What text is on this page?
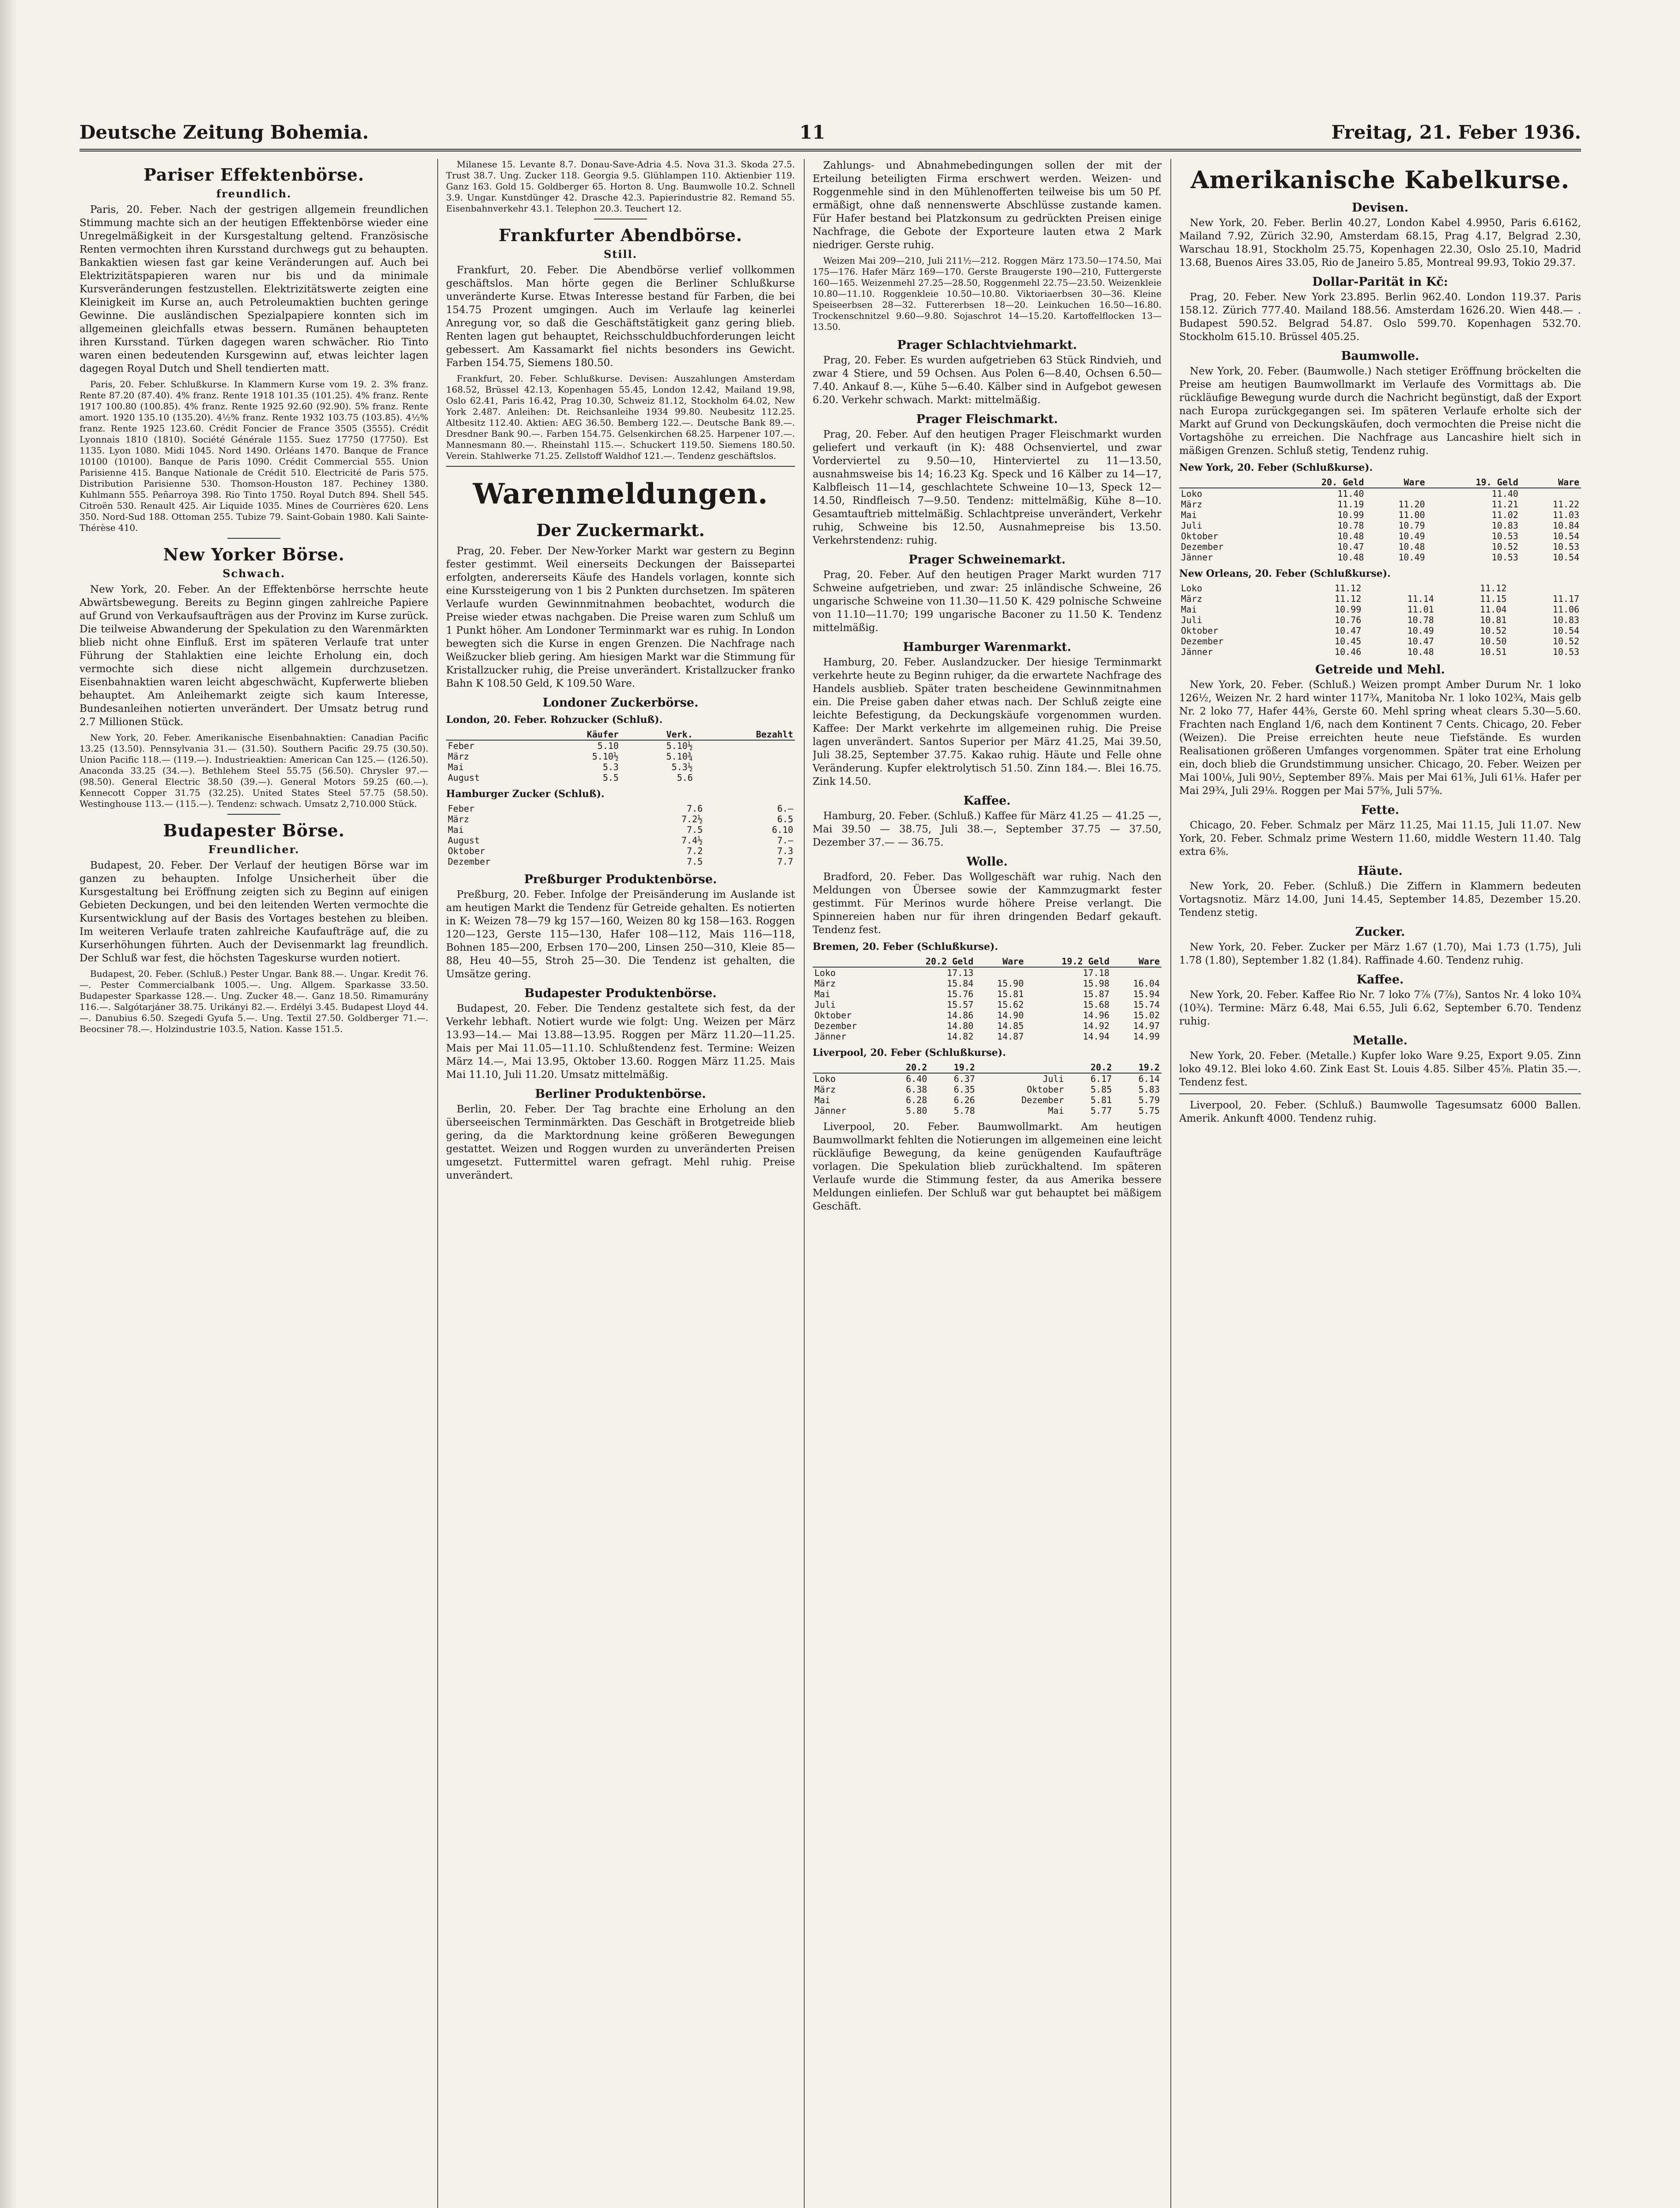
Deutsche Zeitung Bohemia.	11	Freitag, 21. Feber 1936.
Pariser Effektenbörse.
freundlich.

Paris, 20. Feber. Nach der gestrigen allgemein freundlichen Stimmung machte sich an der heutigen Effektenbörse wieder eine Unregelmäßigkeit in der Kursgestaltung geltend. Französische Renten vermochten ihren Kursstand durchwegs gut zu behaupten. Bankaktien wiesen fast gar keine Veränderungen auf. Auch bei Elektrizitätspapieren waren nur bis und da minimale Kursveränderungen festzustellen. Elektrizitätswerte zeigten eine Kleinigkeit im Kurse an, auch Petroleumaktien buchten geringe Gewinne. Die ausländischen Spezialpapiere konnten sich im allgemeinen gleichfalls etwas bessern. Rumänen behaupteten ihren Kursstand. Türken dagegen waren schwächer. Rio Tinto waren einen bedeutenden Kursgewinn auf, etwas leichter lagen dagegen Royal Dutch und Shell tendierten matt.

Paris, 20. Feber. Schlußkurse. In Klammern Kurse vom 19. 2. 3% franz. Rente 87.20 (87.40). 4% franz. Rente 1918 101.35 (101.25). 4% franz. Rente 1917 100.80 (100.85). 4% franz. Rente 1925 92.60 (92.90). 5% franz. Rente amort. 1920 135.10 (135.20). 4½% franz. Rente 1932 103.75 (103.85). 4½% franz. Rente 1925 123.60. Crédit Foncier de France 3505 (3555). Crédit Lyonnais 1810 (1810). Société Générale 1155. Suez 17750 (17750). Est 1135. Lyon 1080. Midi 1045. Nord 1490. Orléans 1470. Banque de France 10100 (10100). Banque de Paris 1090. Crédit Commercial 555. Union Parisienne 415. Banque Nationale de Crédit 510. Electricité de Paris 575. Distribution Parisienne 530. Thomson-Houston 187. Pechiney 1380. Kuhlmann 555. Peñarroya 398. Rio Tinto 1750. Royal Dutch 894. Shell 545. Citroën 530. Renault 425. Air Liquide 1035. Mines de Courrières 620. Lens 350. Nord-Sud 188. Ottoman 255. Tubize 79. Saint-Gobain 1980. Kali Sainte-Thérèse 410.

New Yorker Börse.
Schwach.

New York, 20. Feber. An der Effektenbörse herrschte heute Abwärtsbewegung. Bereits zu Beginn gingen zahlreiche Papiere auf Grund von Verkaufsaufträgen aus der Provinz im Kurse zurück. Die teilweise Abwanderung der Spekulation zu den Warenmärkten blieb nicht ohne Einfluß. Erst im späteren Verlaufe trat unter Führung der Stahlaktien eine leichte Erholung ein, doch vermochte sich diese nicht allgemein durchzusetzen. Eisenbahnaktien waren leicht abgeschwächt, Kupferwerte blieben behauptet. Am Anleihemarkt zeigte sich kaum Interesse, Bundesanleihen notierten unverändert. Der Umsatz betrug rund 2.7 Millionen Stück.

New York, 20. Feber. Amerikanische Eisenbahnaktien: Canadian Pacific 13.25 (13.50). Pennsylvania 31.— (31.50). Southern Pacific 29.75 (30.50). Union Pacific 118.— (119.—). Industrieaktien: American Can 125.— (126.50). Anaconda 33.25 (34.—). Bethlehem Steel 55.75 (56.50). Chrysler 97.— (98.50). General Electric 38.50 (39.—). General Motors 59.25 (60.—). Kennecott Copper 31.75 (32.25). United States Steel 57.75 (58.50). Westinghouse 113.— (115.—). Tendenz: schwach. Umsatz 2,710.000 Stück.

Budapester Börse.
Freundlicher.

Budapest, 20. Feber. Der Verlauf der heutigen Börse war im ganzen zu behaupten. Infolge Unsicherheit über die Kursgestaltung bei Eröffnung zeigten sich zu Beginn auf einigen Gebieten Deckungen, und bei den leitenden Werten vermochte die Kursentwicklung auf der Basis des Vortages bestehen zu bleiben. Im weiteren Verlaufe traten zahlreiche Kaufaufträge auf, die zu Kurserhöhungen führten. Auch der Devisenmarkt lag freundlich. Der Schluß war fest, die höchsten Tageskurse wurden notiert.

Budapest, 20. Feber. (Schluß.) Pester Ungar. Bank 88.—. Ungar. Kredit 76.—. Pester Commercialbank 1005.—. Ung. Allgem. Sparkasse 33.50. Budapester Sparkasse 128.—. Ung. Zucker 48.—. Ganz 18.50. Rimamurány 116.—. Salgótarjáner 38.75. Urikányi 82.—. Erdélyi 3.45. Budapest Lloyd 44.—. Danubius 6.50. Szegedi Gyufa 5.—. Ung. Textil 27.50. Goldberger 71.—. Beocsiner 78.—. Holzindustrie 103.5, Nation. Kasse 151.5.

Milanese 15. Levante 8.7. Donau-Save-Adria 4.5. Nova 31.3. Skoda 27.5. Trust 38.7. Ung. Zucker 118. Georgia 9.5. Glühlampen 110. Aktienbier 119. Ganz 163. Gold 15. Goldberger 65. Horton 8. Ung. Baumwolle 10.2. Schnell 3.9. Ungar. Kunstdünger 42. Drasche 42.3. Papierindustrie 82. Remand 55. Eisenbahnverkehr 43.1. Telephon 20.3. Teuchert 12.

Frankfurter Abendbörse.
Still.

Frankfurt, 20. Feber. Die Abendbörse verlief vollkommen geschäftslos. Man hörte gegen die Berliner Schlußkurse unveränderte Kurse. Etwas Interesse bestand für Farben, die bei 154.75 Prozent umgingen. Auch im Verlaufe lag keinerlei Anregung vor, so daß die Geschäftstätigkeit ganz gering blieb. Renten lagen gut behauptet, Reichsschuldbuchforderungen leicht gebessert. Am Kassamarkt fiel nichts besonders ins Gewicht. Farben 154.75, Siemens 180.50.

Frankfurt, 20. Feber. Schlußkurse. Devisen: Auszahlungen Amsterdam 168.52, Brüssel 42.13, Kopenhagen 55.45, London 12.42, Mailand 19.98, Oslo 62.41, Paris 16.42, Prag 10.30, Schweiz 81.12, Stockholm 64.02, New York 2.487. Anleihen: Dt. Reichsanleihe 1934 99.80. Neubesitz 112.25. Altbesitz 112.40. Aktien: AEG 36.50. Bemberg 122.—. Deutsche Bank 89.—. Dresdner Bank 90.—. Farben 154.75. Gelsenkirchen 68.25. Harpener 107.—. Mannesmann 80.—. Rheinstahl 115.—. Schuckert 119.50. Siemens 180.50. Verein. Stahlwerke 71.25. Zellstoff Waldhof 121.—. Tendenz geschäftslos.

Warenmeldungen.
Der Zuckermarkt.

Prag, 20. Feber. Der New-Yorker Markt war gestern zu Beginn fester gestimmt. Weil einerseits Deckungen der Baissepartei erfolgten, andererseits Käufe des Handels vorlagen, konnte sich eine Kurssteigerung von 1 bis 2 Punkten durchsetzen. Im späteren Verlaufe wurden Gewinnmitnahmen beobachtet, wodurch die Preise wieder etwas nachgaben. Die Preise waren zum Schluß um 1 Punkt höher. Am Londoner Terminmarkt war es ruhig. In London bewegten sich die Kurse in engen Grenzen. Die Nachfrage nach Weißzucker blieb gering. Am hiesigen Markt war die Stimmung für Kristallzucker ruhig, die Preise unverändert. Kristallzucker franko Bahn K 108.50 Geld, K 109.50 Ware.

Londoner Zuckerbörse.
London, 20. Feber. Rohzucker (Schluß).
	Käufer	Verk.	Bezahlt
Feber	5.10	5.10½	
März	5.10½	5.10¾	
Mai	5.3	5.3½	
August	5.5	5.6	
Hamburger Zucker (Schluß).
Feber	7.6	6.—
März	7.2½	6.5
Mai	7.5	6.10
August	7.4½	7.—
Oktober	7.2	7.3
Dezember	7.5	7.7
Preßburger Produktenbörse.

Preßburg, 20. Feber. Infolge der Preisänderung im Auslande ist am heutigen Markt die Tendenz für Getreide gehalten. Es notierten in K: Weizen 78—79 kg 157—160, Weizen 80 kg 158—163. Roggen 120—123, Gerste 115—130, Hafer 108—112, Mais 116—118, Bohnen 185—200, Erbsen 170—200, Linsen 250—310, Kleie 85—88, Heu 40—55, Stroh 25—30. Die Tendenz ist gehalten, die Umsätze gering.

Budapester Produktenbörse.

Budapest, 20. Feber. Die Tendenz gestaltete sich fest, da der Verkehr lebhaft. Notiert wurde wie folgt: Ung. Weizen per März 13.93—14.— Mai 13.88—13.95. Roggen per März 11.20—11.25. Mais per Mai 11.05—11.10. Schlußtendenz fest. Termine: Weizen März 14.—, Mai 13.95, Oktober 13.60. Roggen März 11.25. Mais Mai 11.10, Juli 11.20. Umsatz mittelmäßig.

Berliner Produktenbörse.

Berlin, 20. Feber. Der Tag brachte eine Erholung an den überseeischen Terminmärkten. Das Geschäft in Brotgetreide blieb gering, da die Marktordnung keine größeren Bewegungen gestattet. Weizen und Roggen wurden zu unveränderten Preisen umgesetzt. Futtermittel waren gefragt. Mehl ruhig. Preise unverändert.

Zahlungs- und Abnahmebedingungen sollen der mit der Erteilung beteiligten Firma erschwert werden. Weizen- und Roggenmehle sind in den Mühlenofferten teilweise bis um 50 Pf. ermäßigt, ohne daß nennenswerte Abschlüsse zustande kamen. Für Hafer bestand bei Platzkonsum zu gedrückten Preisen einige Nachfrage, die Gebote der Exporteure lauten etwa 2 Mark niedriger. Gerste ruhig.

Weizen Mai 209—210, Juli 211½—212. Roggen März 173.50—174.50, Mai 175—176. Hafer März 169—170. Gerste Braugerste 190—210, Futtergerste 160—165. Weizenmehl 27.25—28.50, Roggenmehl 22.75—23.50. Weizenkleie 10.80—11.10. Roggenkleie 10.50—10.80. Viktoriaerbsen 30—36. Kleine Speiseerbsen 28—32. Futtererbsen 18—20. Leinkuchen 16.50—16.80. Trockenschnitzel 9.60—9.80. Sojaschrot 14—15.20. Kartoffelflocken 13—13.50.

Prager Schlachtviehmarkt.

Prag, 20. Feber. Es wurden aufgetrieben 63 Stück Rindvieh, und zwar 4 Stiere, und 59 Ochsen. Aus Polen 6—8.40, Ochsen 6.50—7.40. Ankauf 8.—, Kühe 5—6.40. Kälber sind in Aufgebot gewesen 6.20. Verkehr schwach. Markt: mittelmäßig.

Prager Fleischmarkt.

Prag, 20. Feber. Auf den heutigen Prager Fleischmarkt wurden geliefert und verkauft (in K): 488 Ochsenviertel, und zwar Vorderviertel zu 9.50—10, Hinterviertel zu 11—13.50, ausnahmsweise bis 14; 16.23 Kg. Speck und 16 Kälber zu 14—17, Kalbfleisch 11—14, geschlachtete Schweine 10—13, Speck 12—14.50, Rindfleisch 7—9.50. Tendenz: mittelmäßig, Kühe 8—10. Gesamtauftrieb mittelmäßig. Schlachtpreise unverändert, Verkehr ruhig, Schweine bis 12.50, Ausnahmepreise bis 13.50. Verkehrstendenz: ruhig.

Prager Schweinemarkt.

Prag, 20. Feber. Auf den heutigen Prager Markt wurden 717 Schweine aufgetrieben, und zwar: 25 inländische Schweine, 26 ungarische Schweine von 11.30—11.50 K. 429 polnische Schweine von 11.10—11.70; 199 ungarische Baconer zu 11.50 K. Tendenz mittelmäßig.

Hamburger Warenmarkt.

Hamburg, 20. Feber. Auslandzucker. Der hiesige Terminmarkt verkehrte heute zu Beginn ruhiger, da die erwartete Nachfrage des Handels ausblieb. Später traten bescheidene Gewinnmitnahmen ein. Die Preise gaben daher etwas nach. Der Schluß zeigte eine leichte Befestigung, da Deckungskäufe vorgenommen wurden. Kaffee: Der Markt verkehrte im allgemeinen ruhig. Die Preise lagen unverändert. Santos Superior per März 41.25, Mai 39.50, Juli 38.25, September 37.75. Kakao ruhig. Häute und Felle ohne Veränderung. Kupfer elektrolytisch 51.50. Zinn 184.—. Blei 16.75. Zink 14.50.

Kaffee.

Hamburg, 20. Feber. (Schluß.) Kaffee für März 41.25 — 41.25 —, Mai 39.50 — 38.75, Juli 38.—, September 37.75 — 37.50, Dezember 37.— — 36.75.

Wolle.

Bradford, 20. Feber. Das Wollgeschäft war ruhig. Nach den Meldungen von Übersee sowie der Kammzugmarkt fester gestimmt. Für Merinos wurde höhere Preise verlangt. Die Spinnereien haben nur für ihren dringenden Bedarf gekauft. Tendenz fest.

Bremen, 20. Feber (Schlußkurse).
	20.2 Geld	Ware	19.2 Geld	Ware
Loko	17.13		17.18	
März	15.84	15.90	15.98	16.04
Mai	15.76	15.81	15.87	15.94
Juli	15.57	15.62	15.68	15.74
Oktober	14.86	14.90	14.96	15.02
Dezember	14.80	14.85	14.92	14.97
Jänner	14.82	14.87	14.94	14.99
Liverpool, 20. Feber (Schlußkurse).
	20.2	19.2		20.2	19.2
Loko	6.40	6.37	Juli	6.17	6.14
März	6.38	6.35	Oktober	5.85	5.83
Mai	6.28	6.26	Dezember	5.81	5.79
Jänner	5.80	5.78	Mai	5.77	5.75

Liverpool, 20. Feber. Baumwollmarkt. Am heutigen Baumwollmarkt fehlten die Notierungen im allgemeinen eine leicht rückläufige Bewegung, da keine genügenden Kaufaufträge vorlagen. Die Spekulation blieb zurückhaltend. Im späteren Verlaufe wurde die Stimmung fester, da aus Amerika bessere Meldungen einliefen. Der Schluß war gut behauptet bei mäßigem Geschäft.

Amerikanische Kabelkurse.
Devisen.

New York, 20. Feber. Berlin 40.27, London Kabel 4.9950, Paris 6.6162, Mailand 7.92, Zürich 32.90, Amsterdam 68.15, Prag 4.17, Belgrad 2.30, Warschau 18.91, Stockholm 25.75, Kopenhagen 22.30, Oslo 25.10, Madrid 13.68, Buenos Aires 33.05, Rio de Janeiro 5.85, Montreal 99.93, Tokio 29.37.

Dollar-Parität in Kč:

Prag, 20. Feber. New York 23.895. Berlin 962.40. London 119.37. Paris 158.12. Zürich 777.40. Mailand 188.56. Amsterdam 1626.20. Wien 448.— . Budapest 590.52. Belgrad 54.87. Oslo 599.70. Kopenhagen 532.70. Stockholm 615.10. Brüssel 405.25.

Baumwolle.

New York, 20. Feber. (Baumwolle.) Nach stetiger Eröffnung bröckelten die Preise am heutigen Baumwollmarkt im Verlaufe des Vormittags ab. Die rückläufige Bewegung wurde durch die Nachricht begünstigt, daß der Export nach Europa zurückgegangen sei. Im späteren Verlaufe erholte sich der Markt auf Grund von Deckungskäufen, doch vermochten die Preise nicht die Vortagshöhe zu erreichen. Die Nachfrage aus Lancashire hielt sich in mäßigen Grenzen. Schluß stetig, Tendenz ruhig.

New York, 20. Feber (Schlußkurse).
	20. Geld	Ware	19. Geld	Ware
Loko	11.40		11.40	
März	11.19	11.20	11.21	11.22
Mai	10.99	11.00	11.02	11.03
Juli	10.78	10.79	10.83	10.84
Oktober	10.48	10.49	10.53	10.54
Dezember	10.47	10.48	10.52	10.53
Jänner	10.48	10.49	10.53	10.54
New Orleans, 20. Feber (Schlußkurse).
Loko	11.12		11.12	
März	11.12	11.14	11.15	11.17
Mai	10.99	11.01	11.04	11.06
Juli	10.76	10.78	10.81	10.83
Oktober	10.47	10.49	10.52	10.54
Dezember	10.45	10.47	10.50	10.52
Jänner	10.46	10.48	10.51	10.53
Getreide und Mehl.

New York, 20. Feber. (Schluß.) Weizen prompt Amber Durum Nr. 1 loko 126½, Weizen Nr. 2 hard winter 117¾, Manitoba Nr. 1 loko 102¾, Mais gelb Nr. 2 loko 77, Hafer 44⅜, Gerste 60. Mehl spring wheat clears 5.30—5.60. Frachten nach England 1/6, nach dem Kontinent 7 Cents. Chicago, 20. Feber (Weizen). Die Preise erreichten heute neue Tiefstände. Es wurden Realisationen größeren Umfanges vorgenommen. Später trat eine Erholung ein, doch blieb die Grundstimmung unsicher. Chicago, 20. Feber. Weizen per Mai 100⅛, Juli 90½, September 89⅞. Mais per Mai 61⅜, Juli 61⅛. Hafer per Mai 29¾, Juli 29⅛. Roggen per Mai 57⅝, Juli 57⅝.

Fette.

Chicago, 20. Feber. Schmalz per März 11.25, Mai 11.15, Juli 11.07. New York, 20. Feber. Schmalz prime Western 11.60, middle Western 11.40. Talg extra 6⅜.

Häute.

New York, 20. Feber. (Schluß.) Die Ziffern in Klammern bedeuten Vortagsnotiz. März 14.00, Juni 14.45, September 14.85, Dezember 15.20. Tendenz stetig.

Zucker.

New York, 20. Feber. Zucker per März 1.67 (1.70), Mai 1.73 (1.75), Juli 1.78 (1.80), September 1.82 (1.84). Raffinade 4.60. Tendenz ruhig.

Kaffee.

New York, 20. Feber. Kaffee Rio Nr. 7 loko 7⅞ (7⅞), Santos Nr. 4 loko 10¾ (10¾). Termine: März 6.48, Mai 6.55, Juli 6.62, September 6.70. Tendenz ruhig.

Metalle.

New York, 20. Feber. (Metalle.) Kupfer loko Ware 9.25, Export 9.05. Zinn loko 49.12. Blei loko 4.60. Zink East St. Louis 4.85. Silber 45⅞. Platin 35.—. Tendenz fest.

Liverpool, 20. Feber. (Schluß.) Baumwolle Tagesumsatz 6000 Ballen. Amerik. Ankunft 4000. Tendenz ruhig.
